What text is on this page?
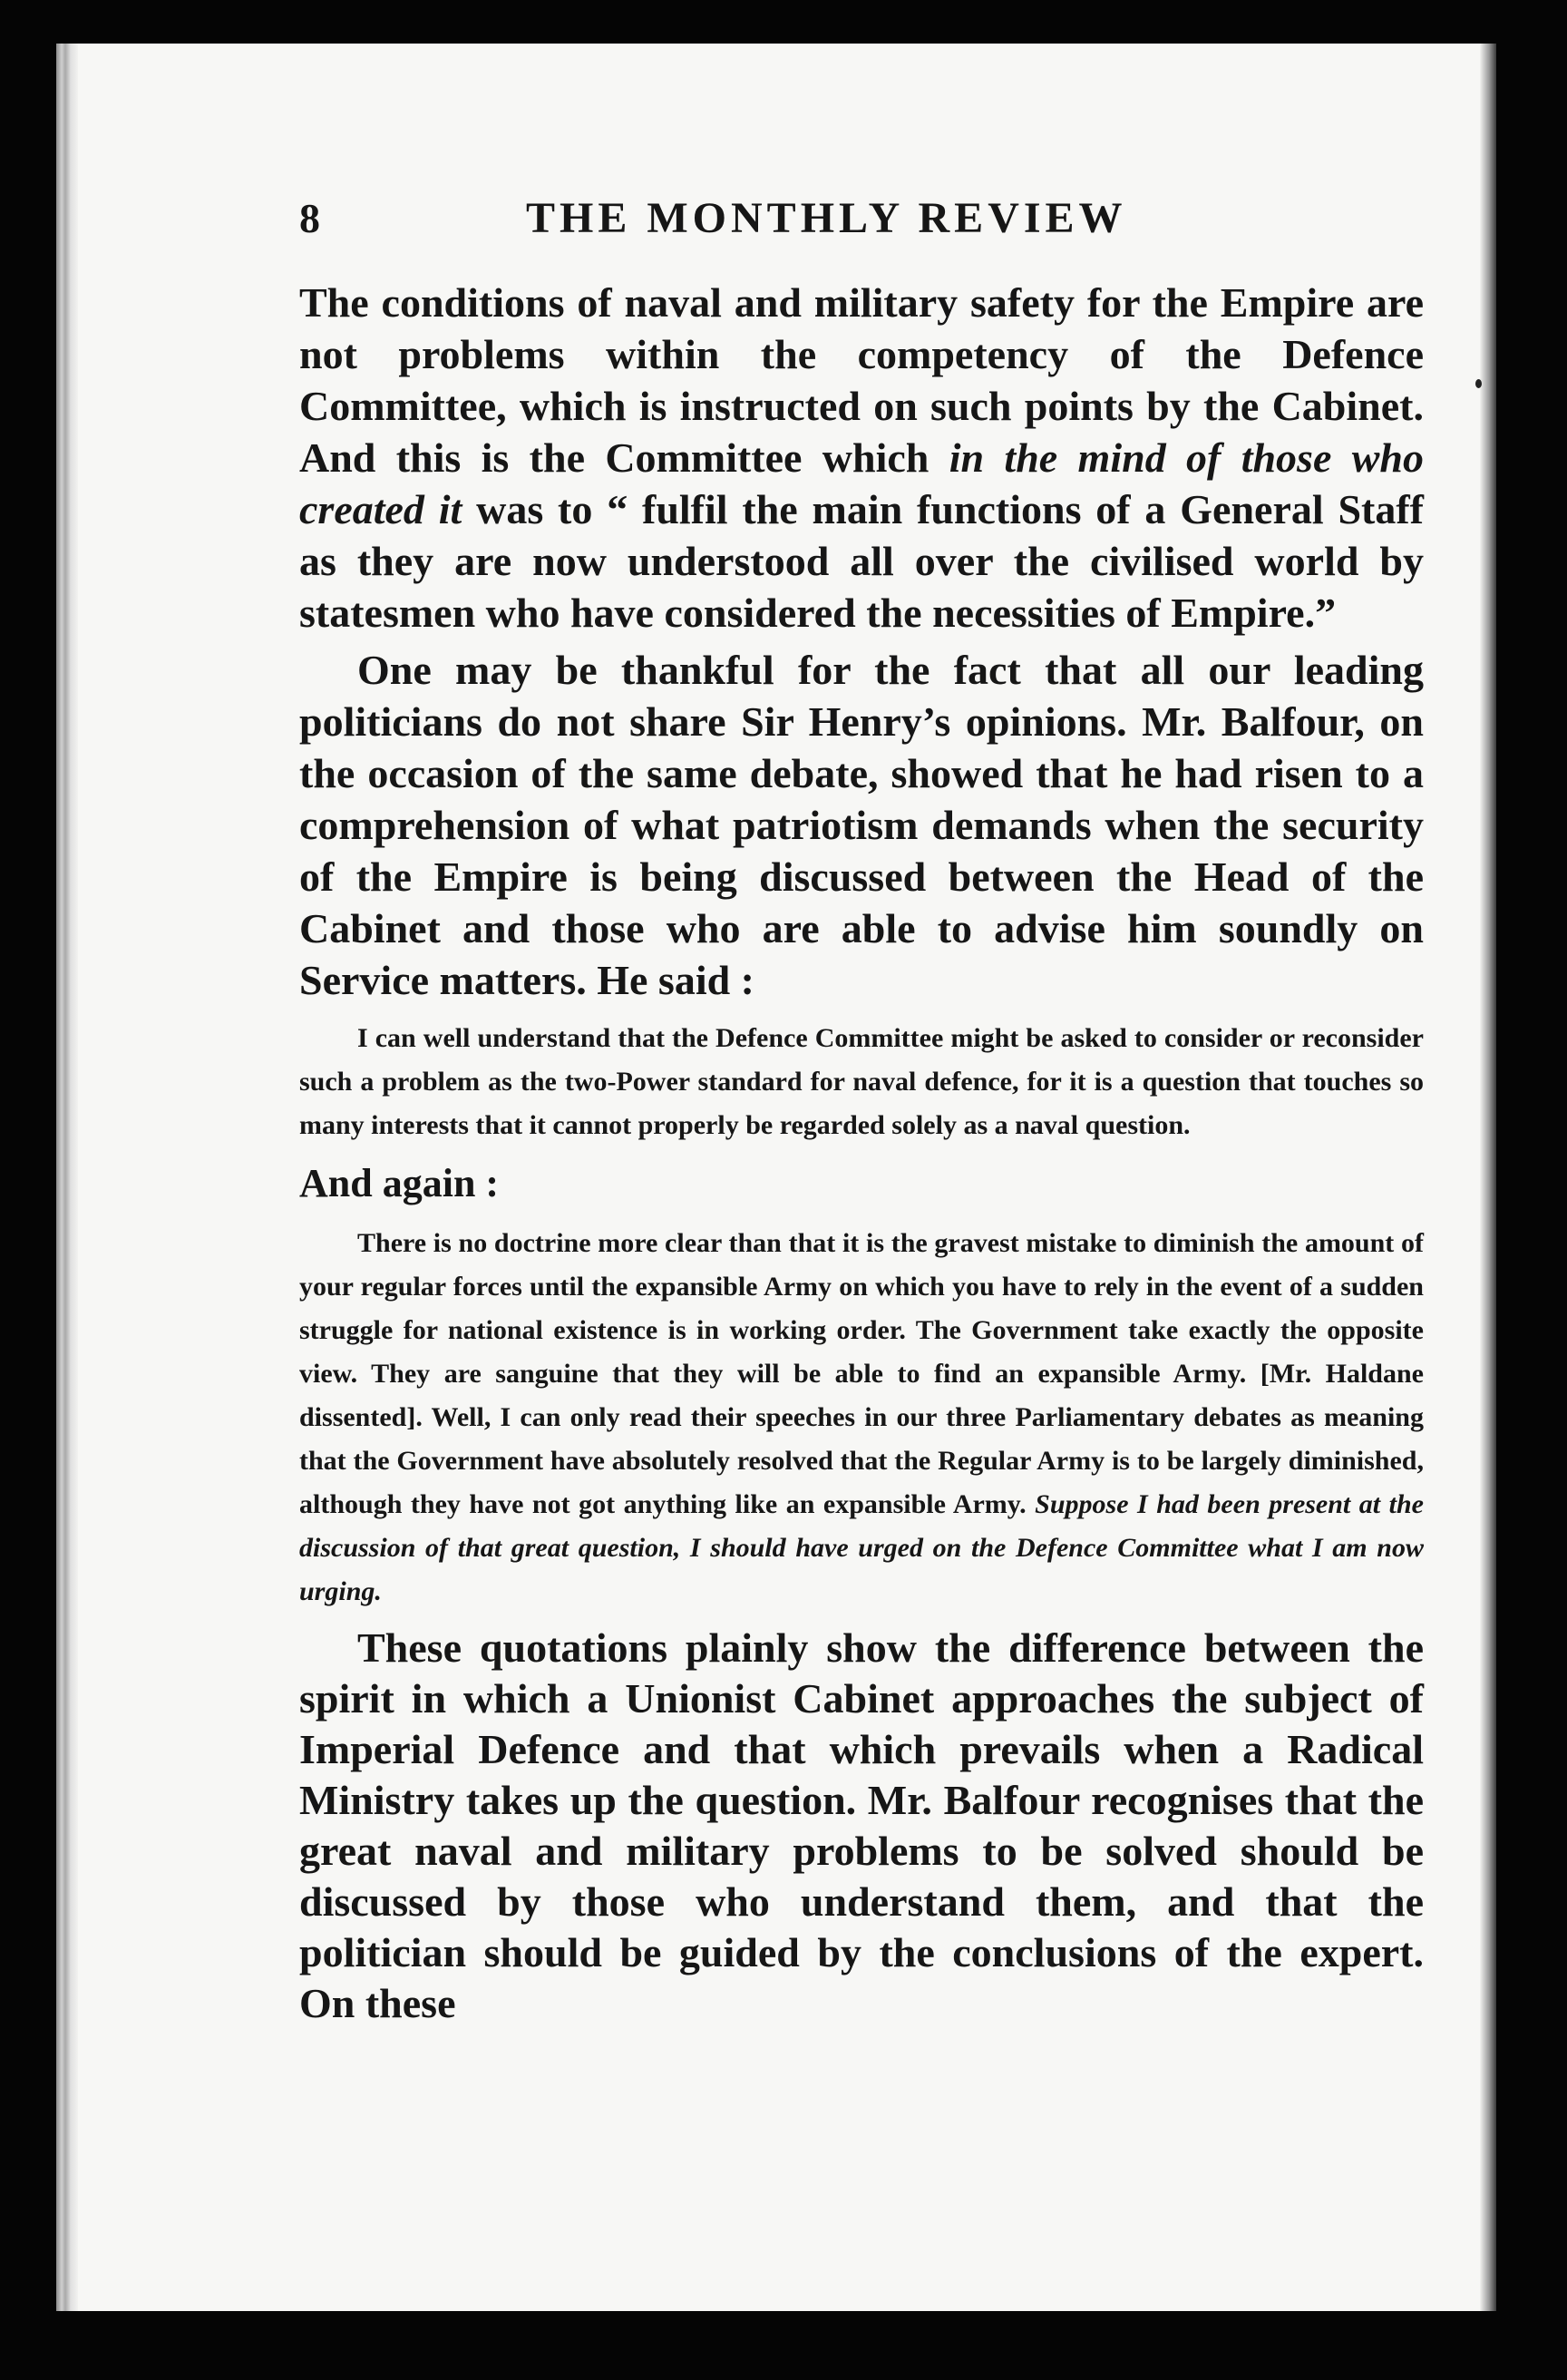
8	THE MONTHLY REVIEW

The conditions of naval and military safety for the Empire are not problems within the competency of the Defence Committee, which is instructed on such points by the Cabinet. And this is the Committee which in the mind of those who created it was to “ fulfil the main functions of a General Staff as they are now understood all over the civilised world by statesmen who have considered the necessities of Empire.”

One may be thankful for the fact that all our leading politicians do not share Sir Henry’s opinions. Mr. Balfour, on the occasion of the same debate, showed that he had risen to a comprehension of what patriotism demands when the security of the Empire is being discussed between the Head of the Cabinet and those who are able to advise him soundly on Service matters. He said :

I can well understand that the Defence Committee might be asked to consider or reconsider such a problem as the two-Power standard for naval defence, for it is a question that touches so many interests that it cannot properly be regarded solely as a naval question.

And again :

There is no doctrine more clear than that it is the gravest mistake to diminish the amount of your regular forces until the expansible Army on which you have to rely in the event of a sudden struggle for national existence is in working order. The Government take exactly the opposite view. They are sanguine that they will be able to find an expansible Army. [Mr. Haldane dissented]. Well, I can only read their speeches in our three Parliamentary debates as meaning that the Government have absolutely resolved that the Regular Army is to be largely diminished, although they have not got anything like an expansible Army. Suppose I had been present at the discussion of that great question, I should have urged on the Defence Committee what I am now urging.

These quotations plainly show the difference between the spirit in which a Unionist Cabinet approaches the subject of Imperial Defence and that which prevails when a Radical Ministry takes up the question. Mr. Balfour recognises that the great naval and military problems to be solved should be discussed by those who understand them, and that the politician should be guided by the conclusions of the expert. On these
